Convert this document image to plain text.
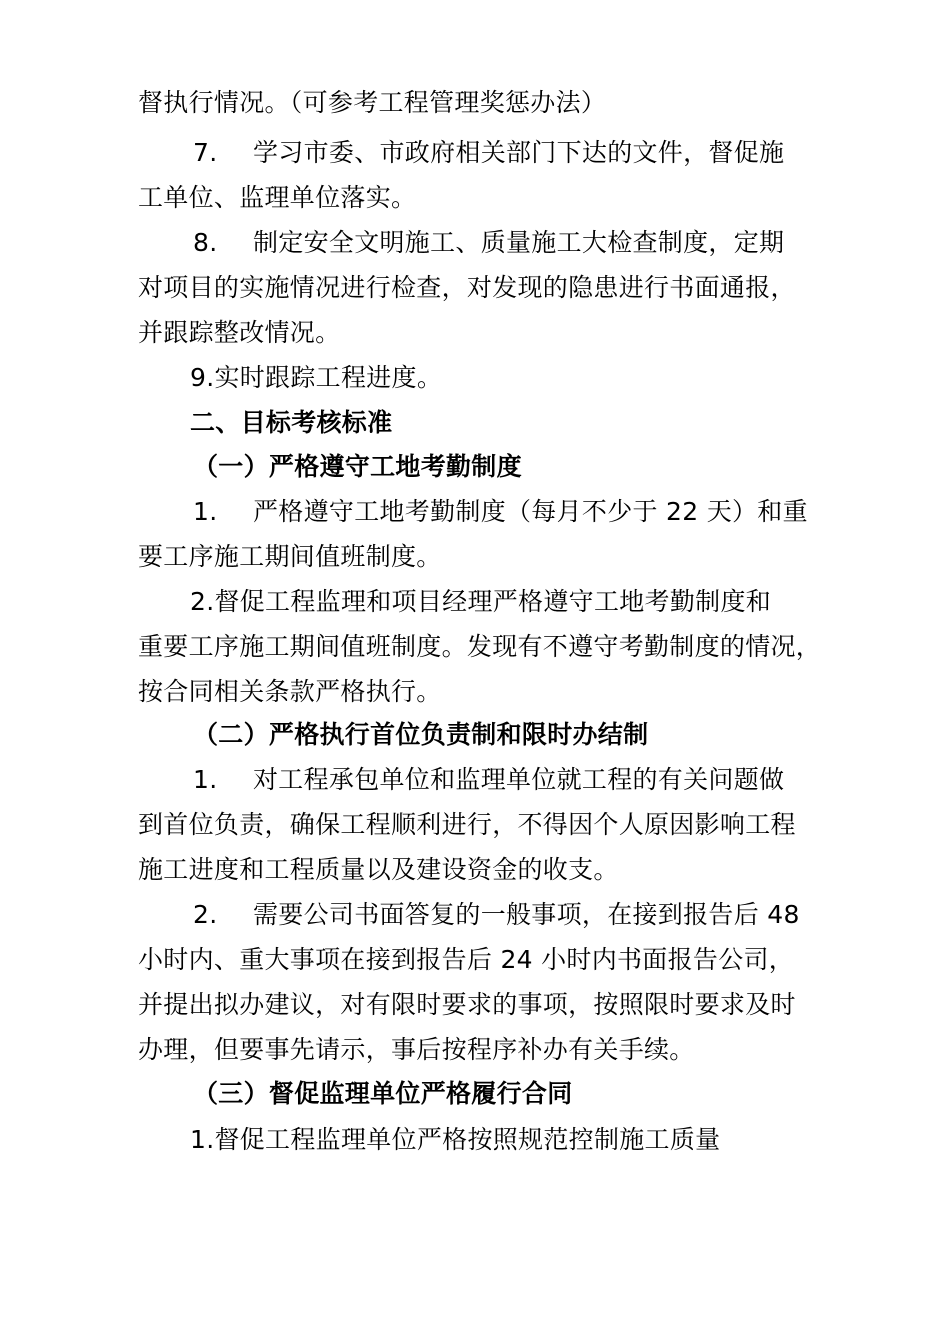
督执行情况。（可参考工程管理奖惩办法）
7. 学习市委、市政府相关部门下达的文件，督促施
工单位、监理单位落实。
8. 制定安全文明施工、质量施工大检查制度，定期
对项目的实施情况进行检查，对发现的隐患进行书面通报，
并跟踪整改情况。
9.实时跟踪工程进度。
二、目标考核标准
（一）严格遵守工地考勤制度
1. 严格遵守工地考勤制度（每月不少于 22 天）和重
要工序施工期间值班制度。
2.督促工程监理和项目经理严格遵守工地考勤制度和
重要工序施工期间值班制度。发现有不遵守考勤制度的情况，
按合同相关条款严格执行。
（二）严格执行首位负责制和限时办结制
1. 对工程承包单位和监理单位就工程的有关问题做
到首位负责，确保工程顺利进行，不得因个人原因影响工程
施工进度和工程质量以及建设资金的收支。
2. 需要公司书面答复的一般事项，在接到报告后 48
小时内、重大事项在接到报告后 24 小时内书面报告公司，
并提出拟办建议，对有限时要求的事项，按照限时要求及时
办理，但要事先请示，事后按程序补办有关手续。
（三）督促监理单位严格履行合同
1.督促工程监理单位严格按照规范控制施工质量
